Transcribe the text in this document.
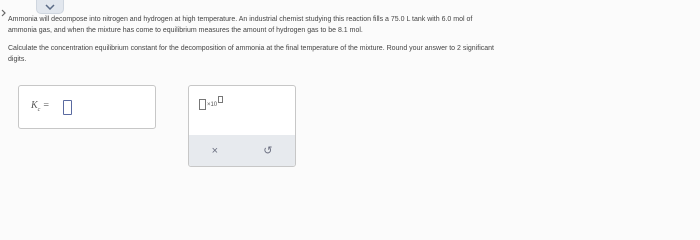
Ammonia will decompose into nitrogen and hydrogen at high temperature. An industrial chemist studying this reaction fills a 75.0 L tank with 6.0 mol of
ammonia gas, and when the mixture has come to equilibrium measures the amount of hydrogen gas to be 8.1 mol.
Calculate the concentration equilibrium constant for the decomposition of ammonia at the final temperature of the mixture. Round your answer to 2 significant
digits.
$K_c$ =	×10
×	↺
